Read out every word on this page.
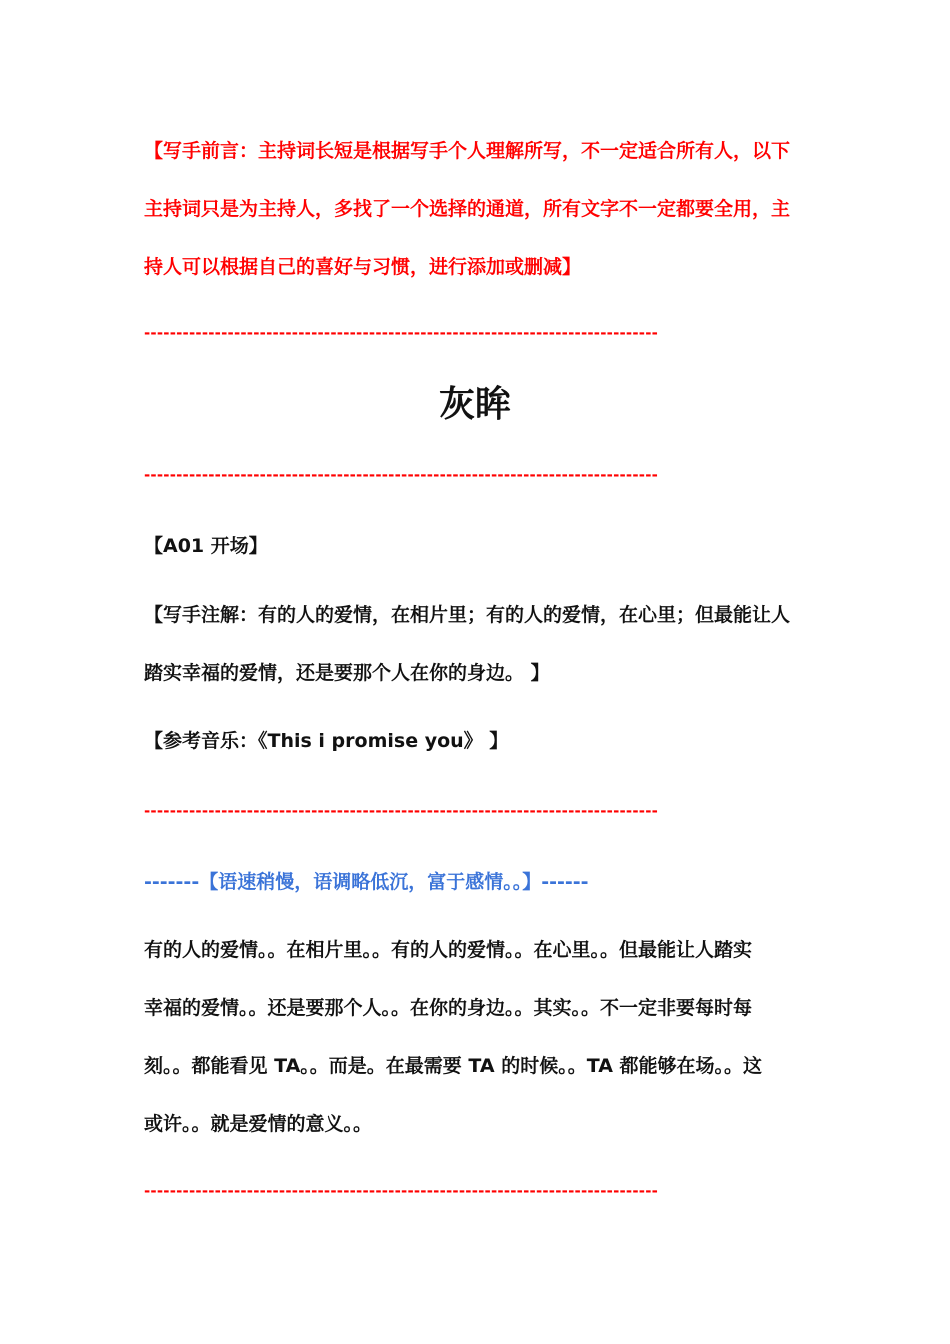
【写手前言：主持词长短是根据写手个人理解所写，不一定适合所有人，以下
主持词只是为主持人，多找了一个选择的通道，所有文字不一定都要全用，主
持人可以根据自己的喜好与习惯，进行添加或删减】
--------------------------------------------------------------------------------
灰眸
--------------------------------------------------------------------------------
【A01 开场】
【写手注解：有的人的爱情，在相片里；有的人的爱情，在心里；但最能让人
踏实幸福的爱情，还是要那个人在你的身边。 】
【参考音乐：《This i promise you》 】
--------------------------------------------------------------------------------
-------【语速稍慢，语调略低沉，富于感情。。】------
有的人的爱情。。在相片里。。有的人的爱情。。在心里。。但最能让人踏实
幸福的爱情。。还是要那个人。。在你的身边。。其实。。不一定非要每时每
刻。。都能看见 TA。。而是。在最需要 TA 的时候。。TA 都能够在场。。这
或许。。就是爱情的意义。。
--------------------------------------------------------------------------------
